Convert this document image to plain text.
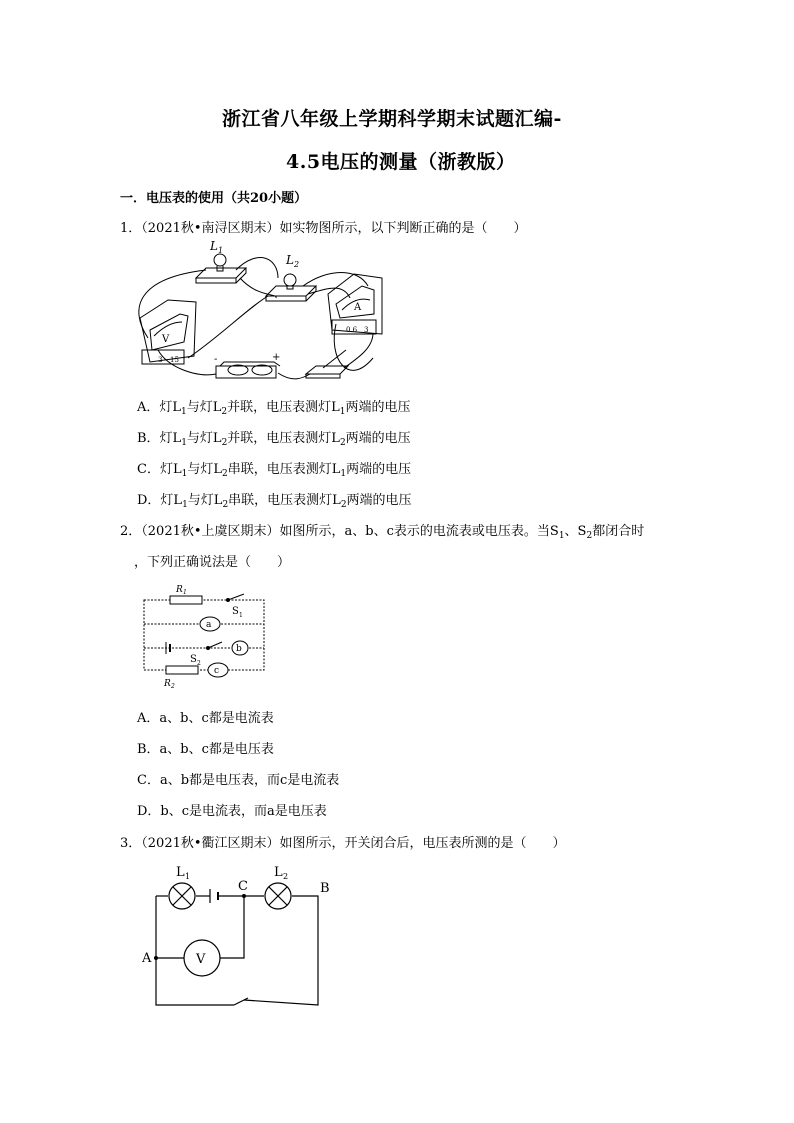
浙江省八年级上学期科学期末试题汇编-
4.5电压的测量（浙教版）
一．电压表的使用（共20小题）
1．（2021秋•南浔区期末）如实物图所示，以下判断正确的是（　　）
L 1
L 2
V
A
-	+
3 15
0.6 3
A．灯$L_1$与灯$L_2$并联，电压表测灯$L_1$两端的电压
B．灯$L_1$与灯$L_2$并联，电压表测灯$L_2$两端的电压
C．灯$L_1$与灯$L_2$串联，电压表测灯$L_1$两端的电压
D．灯$L_1$与灯$L_2$串联，电压表测灯$L_2$两端的电压
2．（2021秋•上虞区期末）如图所示，a、b、c表示的电流表或电压表。当$S_1$、$S_2$都闭合时
，下列正确说法是（　　）
R 1
S 1
a
b
S 2
c
R 2
A．a、b、c都是电流表
B．a、b、c都是电压表
C．a、b都是电压表，而c是电流表
D．b、c是电流表，而a是电压表
3．（2021秋•衢江区期末）如图所示，开关闭合后，电压表所测的是（　　）
L 1
C
L 2
B
A	V
